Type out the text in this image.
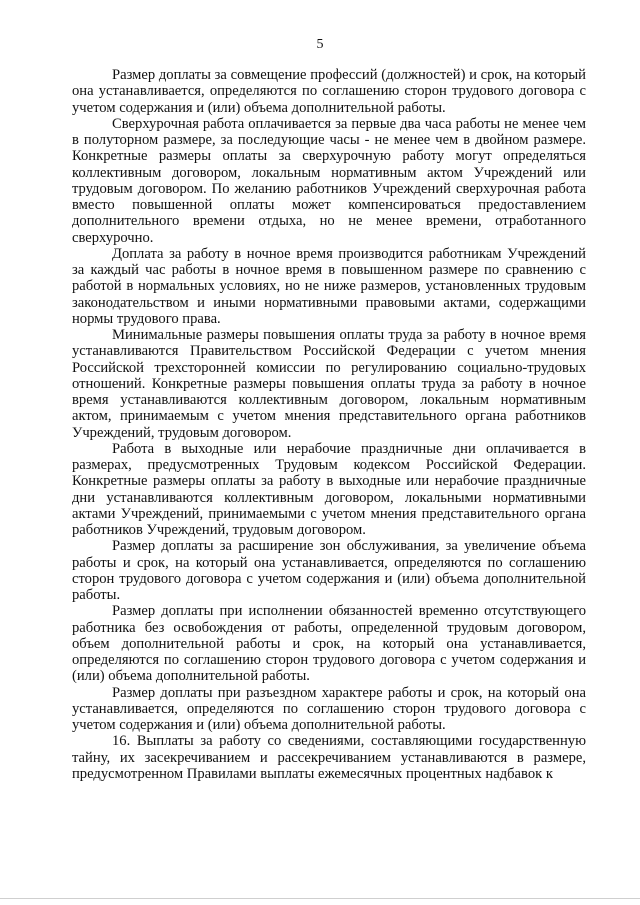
5

Размер доплаты за совмещение профессий (должностей) и срок, на который она устанавливается, определяются по соглашению сторон трудового договора с учетом содержания и (или) объема дополнительной работы.

Сверхурочная работа оплачивается за первые два часа работы не менее чем в полуторном размере, за последующие часы - не менее чем в двойном размере. Конкретные размеры оплаты за сверхурочную работу могут определяться коллективным договором, локальным нормативным актом Учреждений или трудовым договором. По желанию работников Учреждений сверхурочная работа вместо повышенной оплаты может компенсироваться предоставлением дополнительного времени отдыха, но не менее времени, отработанного сверхурочно.

Доплата за работу в ночное время производится работникам Учреждений за каждый час работы в ночное время в повышенном размере по сравнению с работой в нормальных условиях, но не ниже размеров, установленных трудовым законодательством и иными нормативными правовыми актами, содержащими нормы трудового права.

Минимальные размеры повышения оплаты труда за работу в ночное время устанавливаются Правительством Российской Федерации с учетом мнения Российской трехсторонней комиссии по регулированию социально-трудовых отношений. Конкретные размеры повышения оплаты труда за работу в ночное время устанавливаются коллективным договором, локальным нормативным актом, принимаемым с учетом мнения представительного органа работников Учреждений, трудовым договором.

Работа в выходные или нерабочие праздничные дни оплачивается в размерах, предусмотренных Трудовым кодексом Российской Федерации. Конкретные размеры оплаты за работу в выходные или нерабочие праздничные дни устанавливаются коллективным договором, локальными нормативными актами Учреждений, принимаемыми с учетом мнения представительного органа работников Учреждений, трудовым договором.

Размер доплаты за расширение зон обслуживания, за увеличение объема работы и срок, на который она устанавливается, определяются по соглашению сторон трудового договора с учетом содержания и (или) объема дополнительной работы.

Размер доплаты при исполнении обязанностей временно отсутствующего работника без освобождения от работы, определенной трудовым договором, объем дополнительной работы и срок, на который она устанавливается, определяются по соглашению сторон трудового договора с учетом содержания и (или) объема дополнительной работы.

Размер доплаты при разъездном характере работы и срок, на который она устанавливается, определяются по соглашению сторон трудового договора с учетом содержания и (или) объема дополнительной работы.

16. Выплаты за работу со сведениями, составляющими государственную тайну, их засекречиванием и рассекречиванием устанавливаются в размере, предусмотренном Правилами выплаты ежемесячных процентных надбавок к
